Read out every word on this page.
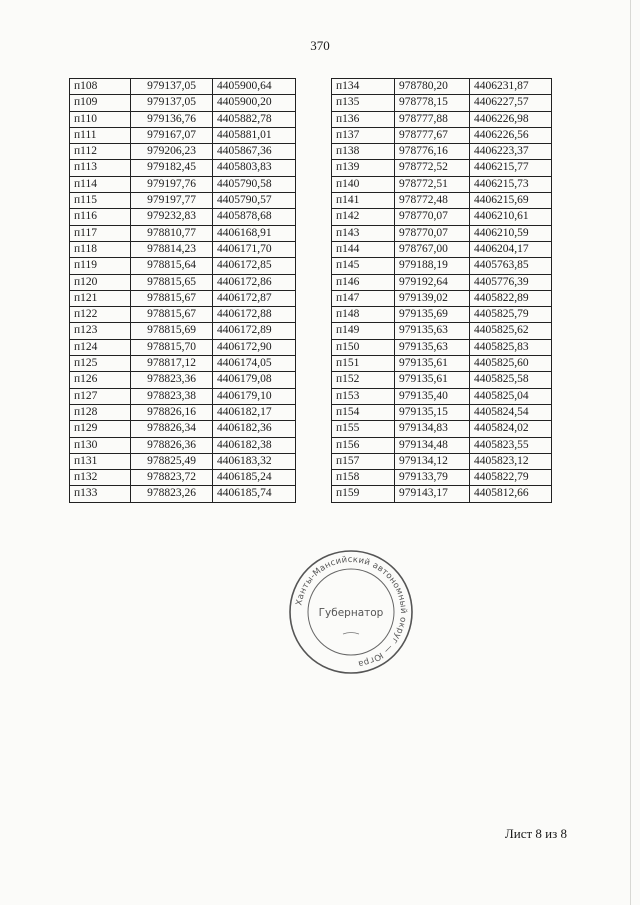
370
п108	979137,05	4405900,64
п109	979137,05	4405900,20
п110	979136,76	4405882,78
п111	979167,07	4405881,01
п112	979206,23	4405867,36
п113	979182,45	4405803,83
п114	979197,76	4405790,58
п115	979197,77	4405790,57
п116	979232,83	4405878,68
п117	978810,77	4406168,91
п118	978814,23	4406171,70
п119	978815,64	4406172,85
п120	978815,65	4406172,86
п121	978815,67	4406172,87
п122	978815,67	4406172,88
п123	978815,69	4406172,89
п124	978815,70	4406172,90
п125	978817,12	4406174,05
п126	978823,36	4406179,08
п127	978823,38	4406179,10
п128	978826,16	4406182,17
п129	978826,34	4406182,36
п130	978826,36	4406182,38
п131	978825,49	4406183,32
п132	978823,72	4406185,24
п133	978823,26	4406185,74
п134	978780,20	4406231,87
п135	978778,15	4406227,57
п136	978777,88	4406226,98
п137	978777,67	4406226,56
п138	978776,16	4406223,37
п139	978772,52	4406215,77
п140	978772,51	4406215,73
п141	978772,48	4406215,69
п142	978770,07	4406210,61
п143	978770,07	4406210,59
п144	978767,00	4406204,17
п145	979188,19	4405763,85
п146	979192,64	4405776,39
п147	979139,02	4405822,89
п148	979135,69	4405825,79
п149	979135,63	4405825,62
п150	979135,63	4405825,83
п151	979135,61	4405825,60
п152	979135,61	4405825,58
п153	979135,40	4405825,04
п154	979135,15	4405824,54
п155	979134,83	4405824,02
п156	979134,48	4405823,55
п157	979134,12	4405823,12
п158	979133,79	4405822,79
п159	979143,17	4405812,66
Ханты-Мансийский автономный округ — Югра
Губернатор
Лист 8 из 8
